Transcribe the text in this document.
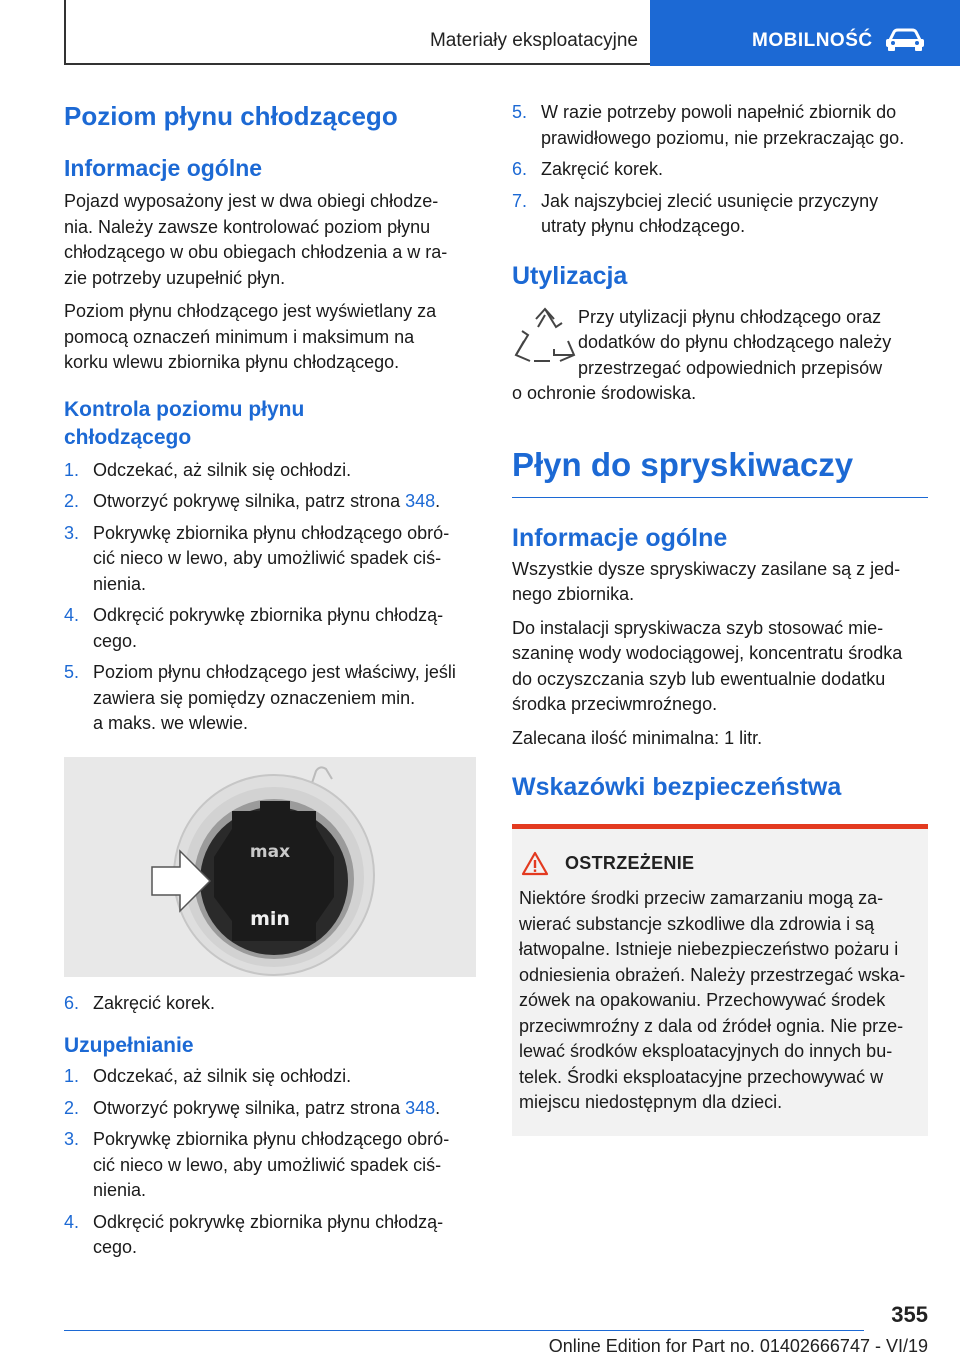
Materiały eksploatacyjne	MOBILNOŚĆ
Poziom płynu chłodzącego
Informacje ogólne

Pojazd wyposażony jest w dwa obiegi chłodze-
nia. Należy zawsze kontrolować poziom płynu
chłodzącego w obu obiegach chłodzenia a w ra-
zie potrzeby uzupełnić płyn.

Poziom płynu chłodzącego jest wyświetlany za
pomocą oznaczeń minimum i maksimum na
korku wlewu zbiornika płynu chłodzącego.

Kontrola poziomu płynu
chłodzącego
1. Odczekać, aż silnik się ochłodzi.
2. Otworzyć pokrywę silnika, patrz strona 348.
3. Pokrywkę zbiornika płynu chłodzącego obró-
cić nieco w lewo, aby umożliwić spadek ciś-
nienia.
4. Odkręcić pokrywkę zbiornika płynu chłodzą-
cego.
5. Poziom płynu chłodzącego jest właściwy, jeśli
zawiera się pomiędzy oznaczeniem min.
a maks. we wlewie.
max
min
6. Zakręcić korek.
Uzupełnianie
1. Odczekać, aż silnik się ochłodzi.
2. Otworzyć pokrywę silnika, patrz strona 348.
3. Pokrywkę zbiornika płynu chłodzącego obró-
cić nieco w lewo, aby umożliwić spadek ciś-
nienia.
4. Odkręcić pokrywkę zbiornika płynu chłodzą-
cego.
5. W razie potrzeby powoli napełnić zbiornik do
prawidłowego poziomu, nie przekraczając go.
6. Zakręcić korek.
7. Jak najszybciej zlecić usunięcie przyczyny
utraty płynu chłodzącego.
Utylizacja

Przy utylizacji płynu chłodzącego oraz
dodatków do płynu chłodzącego należy
przestrzegać odpowiednich przepisów

o ochronie środowiska.

Płyn do spryskiwaczy
Informacje ogólne

Wszystkie dysze spryskiwaczy zasilane są z jed-
nego zbiornika.

Do instalacji spryskiwacza szyb stosować mie-
szaninę wody wodociągowej, koncentratu środka
do oczyszczania szyb lub ewentualnie dodatku
środka przeciwmroźnego.

Zalecana ilość minimalna: 1 litr.

Wskazówki bezpieczeństwa
OSTRZEŻENIE

Niektóre środki przeciw zamarzaniu mogą za-
wierać substancje szkodliwe dla zdrowia i są
łatwopalne. Istnieje niebezpieczeństwo pożaru i
odniesienia obrażeń. Należy przestrzegać wska-
zówek na opakowaniu. Przechowywać środek
przeciwmroźny z dala od źródeł ognia. Nie prze-
lewać środków eksploatacyjnych do innych bu-
telek. Środki eksploatacyjne przechowywać w
miejscu niedostępnym dla dzieci.

355
Online Edition for Part no. 01402666747 - VI/19
